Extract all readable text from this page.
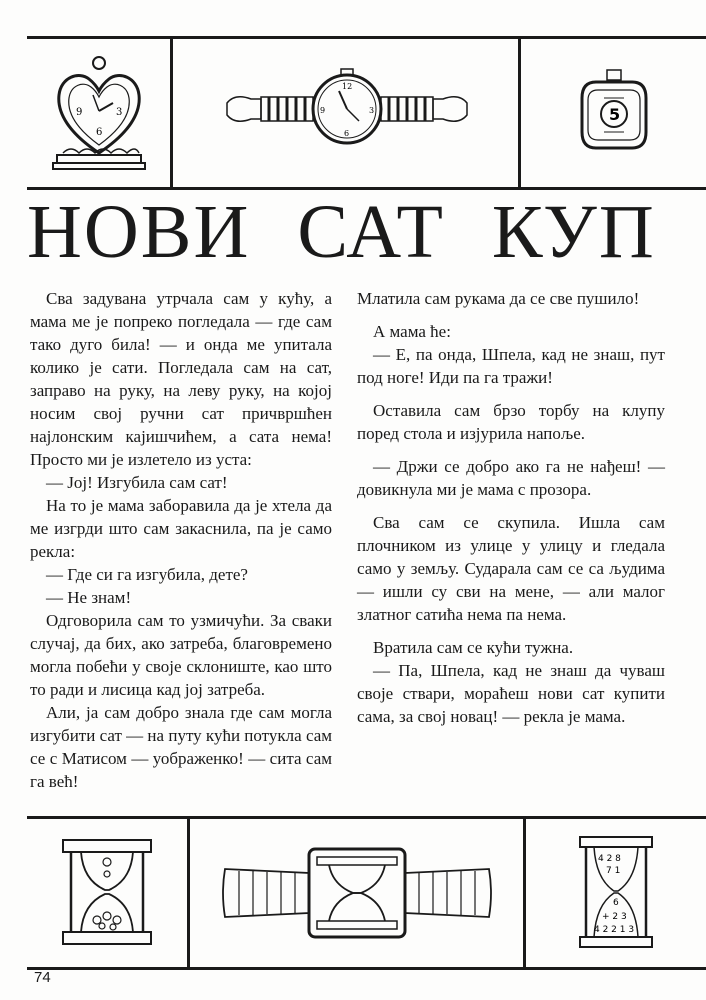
9	3
6
12
3
6
9	5
НОВИ САТ КУП

Сва задувана утрчала сам у кућу, а мама ме је попреко погледала — где сам тако дуго била! — и онда ме упитала колико је сати. Погледала сам на сат, заправо на руку, на леву руку, на којој носим свој ручни сат причвршћен најлонским кајишчићем, а сата нема! Просто ми је излетело из уста:

— Јој! Изгубила сам сат!

На то је мама заборавила да је хтела да ме изгрди што сам закаснила, па је само рекла:

— Где си га изгубила, дете?

— Не знам!

Одговорила сам то узмичући. За сваки случај, да бих, ако затреба, благовремено могла побећи у своје склониште, као што то ради и лисица кад јој затреба.

Али, ја сам добро знала где сам могла изгубити сат — на путу кући потукла сам се с Матисом — уображенко! — сита сам га већ!

Млатила сам рукама да се све пушило!

А мама ће:

— Е, па онда, Шпела, кад не знаш, пут под ноге! Иди па га тражи!

Оставила сам брзо торбу на клупу поред стола и изјурила напоље.

— Држи се добро ако га не нађеш! — довикнула ми је мама с прозора.

Сва сам се скупила. Ишла сам плочником из улице у улицу и гледала само у земљу. Сударала сам се са људима — ишли су сви на мене, — али малог златног сатића нема па нема.

Вратила сам се кући тужна.

— Па, Шпела, кад не знаш да чуваш своје ствари, мораћеш нови сат купити сама, за свој новац! — рекла је мама.

4 2 8
7 1
6
+ 2 3
4 2 2 1 3
74
